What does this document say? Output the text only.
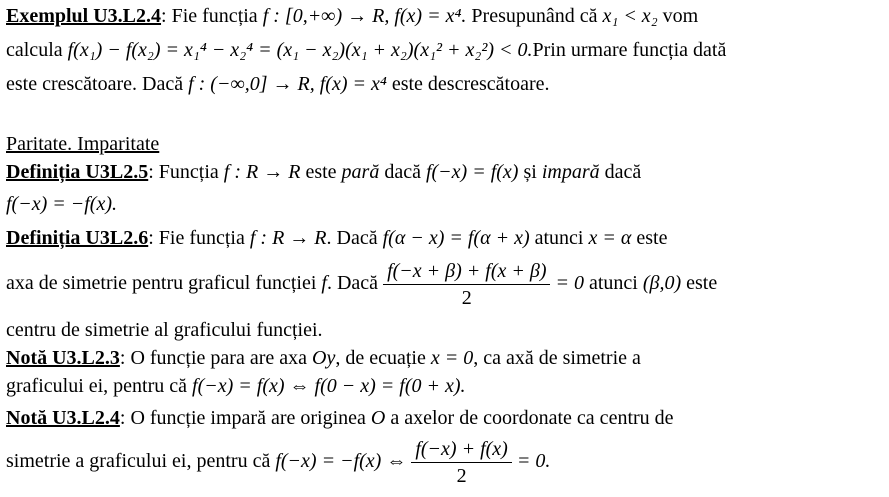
Exemplul U3.L2.4: Fie funcția f : [0,+∞) → R, f(x) = x⁴. Presupunând că x₁ < x₂ vom
calcula f(x₁) − f(x₂) = x₁⁴ − x₂⁴ = (x₁ − x₂)(x₁ + x₂)(x₁² + x₂²) < 0.Prin urmare funcția dată
este crescătoare. Dacă f : (−∞,0] → R, f(x) = x⁴ este descrescătoare.
Paritate. Imparitate
Definiția U3L2.5: Funcția f : R → R este pară dacă f(−x) = f(x) și impară dacă
f(−x) = −f(x).
Definiția U3L2.6: Fie funcția f : R → R. Dacă f(α − x) = f(α + x) atunci x = α este
axa de simetrie pentru graficul funcției f. Dacă $\frac{f(-x + \beta) + f(x + \beta)}{2} = 0$ atunci (β,0) este
centru de simetrie al graficului funcției.
Notă U3.L2.3: O funcție para are axa Oy, de ecuație x = 0, ca axă de simetrie a
graficului ei, pentru că f(−x) = f(x) ⇔ f(0 − x) = f(0 + x).
Notă U3.L2.4: O funcție impară are originea O a axelor de coordonate ca centru de
simetrie a graficului ei, pentru că f(−x) = −f(x) ⇔ $\frac{f(-x) + f(x)}{2} = 0$.
